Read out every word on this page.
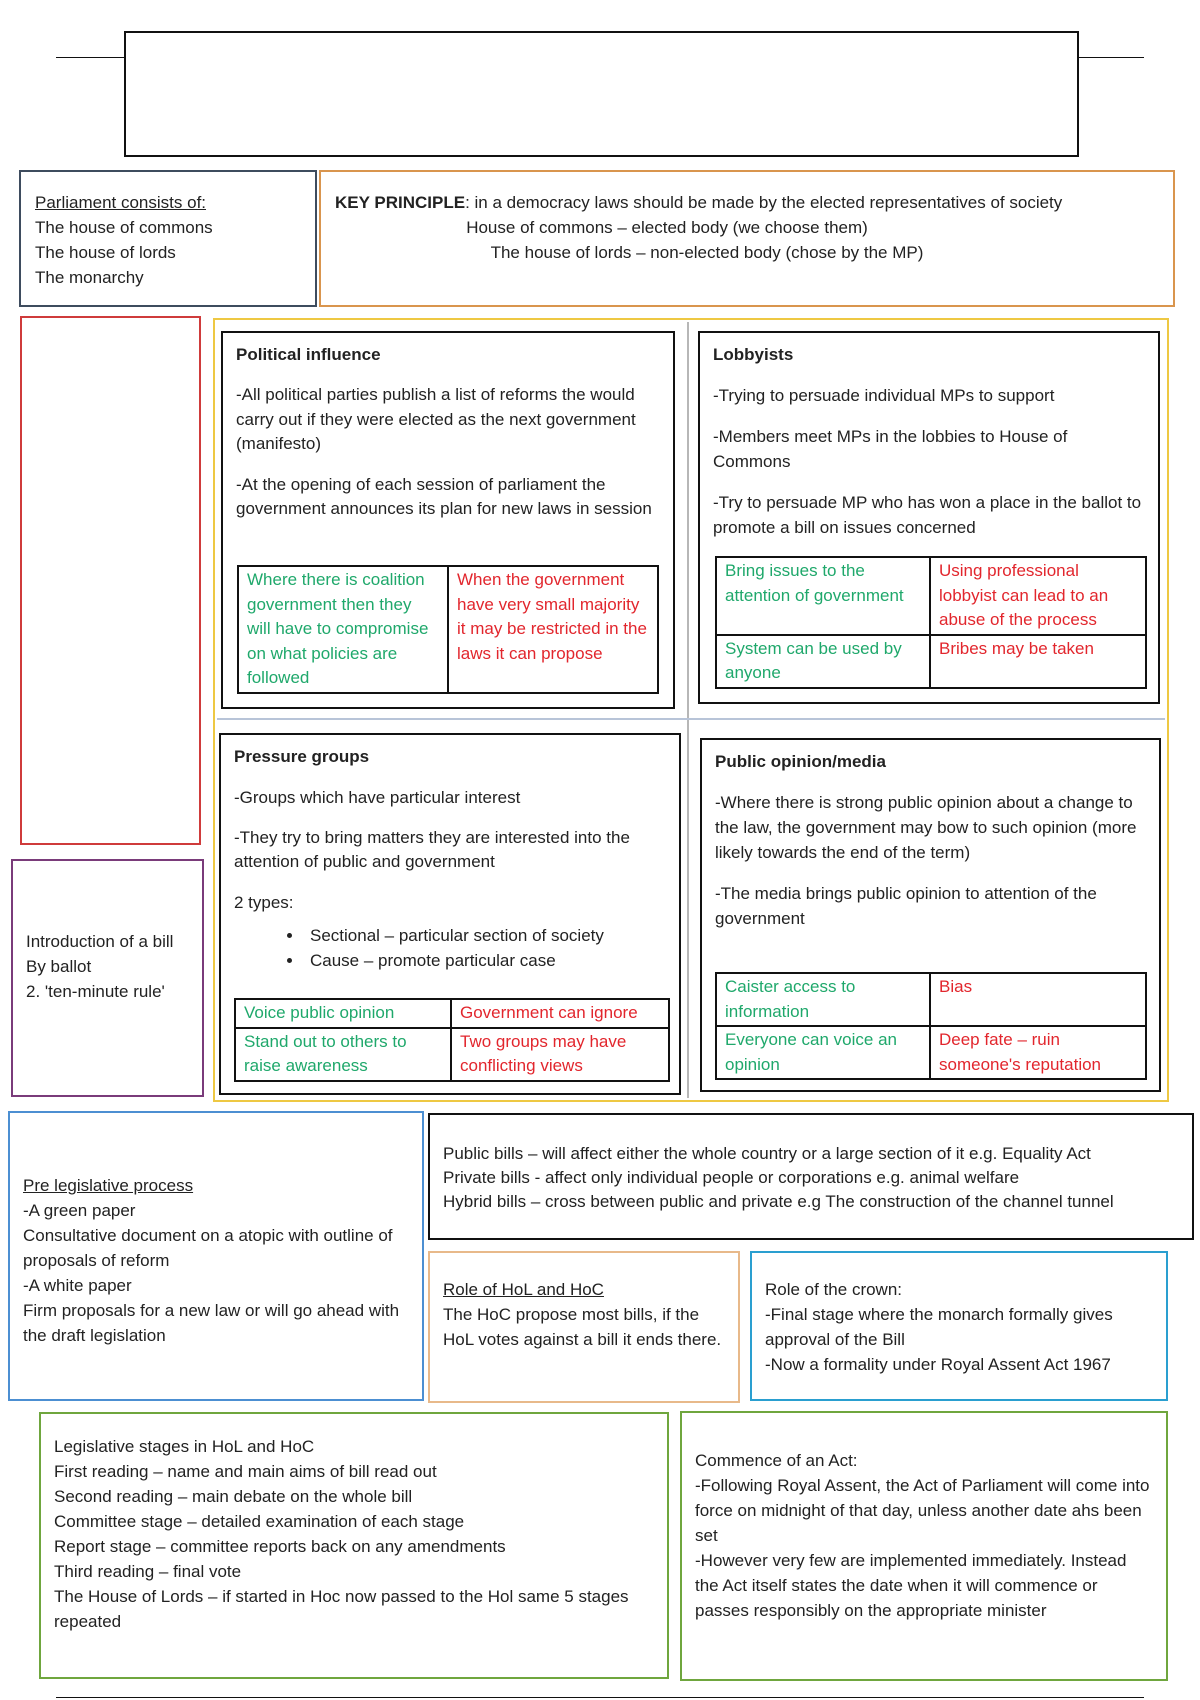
Parliament consists of:

The house of commons

The house of lords

The monarchy

KEY PRINCIPLE: in a democracy laws should be made by the elected representatives of society

House of commons – elected body (we choose them)

The house of lords – non-elected body (chose by the MP)

Introduction of a bill

By ballot

2. 'ten-minute rule'

Political influence

-All political parties publish a list of reforms the would carry out if they were elected as the next government (manifesto)

-At the opening of each session of parliament the government announces its plan for new laws in session

Where there is coalition government then they will have to compromise on what policies are followed	When the government have very small majority it may be restricted in the laws it can propose

Lobbyists

-Trying to persuade individual MPs to support

-Members meet MPs in the lobbies to House of Commons

-Try to persuade MP who has won a place in the ballot to promote a bill on issues concerned

Bring issues to the attention of government	Using professional lobbyist can lead to an abuse of the process
System can be used by anyone	Bribes may be taken

Pressure groups

-Groups which have particular interest

-They try to bring matters they are interested into the attention of public and government

2 types:

• Sectional – particular section of society
• Cause – promote particular case
Voice public opinion	Government can ignore
Stand out to others to raise awareness	Two groups may have conflicting views

Public opinion/media

-Where there is strong public opinion about a change to the law, the government may bow to such opinion (more likely towards the end of the term)

-The media brings public opinion to attention of the government

Caister access to information	Bias
Everyone can voice an opinion	Deep fate – ruin someone's reputation

Pre legislative process

-A green paper

Consultative document on a atopic with outline of proposals of reform

-A white paper

Firm proposals for a new law or will go ahead with the draft legislation

Public bills – will affect either the whole country or a large section of it e.g. Equality Act

Private bills - affect only individual people or corporations e.g. animal welfare

Hybrid bills – cross between public and private e.g The construction of the channel tunnel

Role of HoL and HoC

The HoC propose most bills, if the HoL votes against a bill it ends there.

Role of the crown:

-Final stage where the monarch formally gives approval of the Bill

-Now a formality under Royal Assent Act 1967

Legislative stages in HoL and HoC

First reading – name and main aims of bill read out

Second reading – main debate on the whole bill

Committee stage – detailed examination of each stage

Report stage – committee reports back on any amendments

Third reading – final vote

The House of Lords – if started in Hoc now passed to the Hol same 5 stages repeated

Commence of an Act:

-Following Royal Assent, the Act of Parliament will come into force on midnight of that day, unless another date ahs been set

-However very few are implemented immediately. Instead the Act itself states the date when it will commence or passes responsibly on the appropriate minister
